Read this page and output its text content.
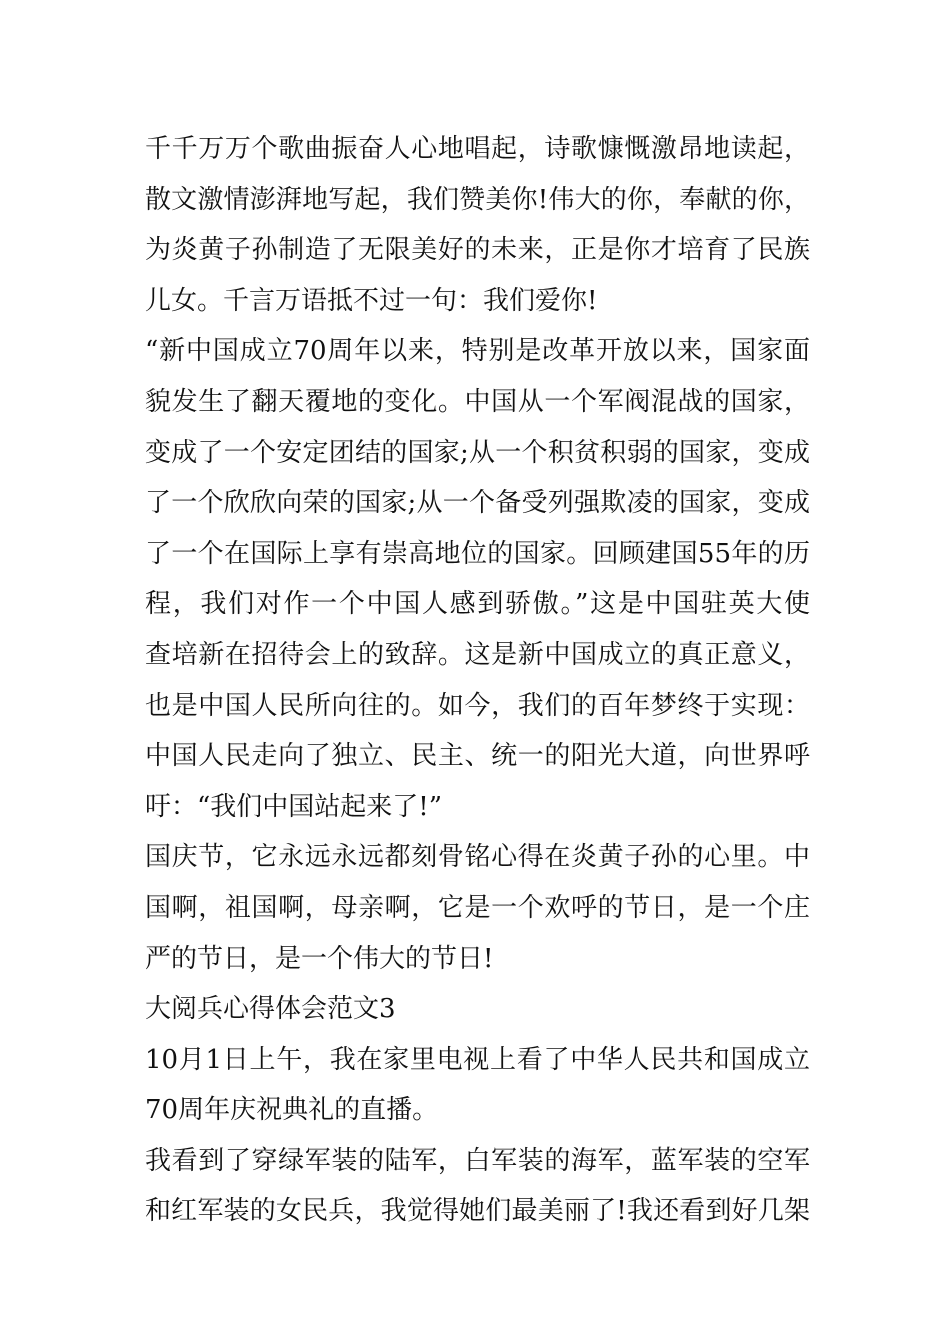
千千万万个歌曲振奋人心地唱起，诗歌慷慨激昂地读起，
散文激情澎湃地写起，我们赞美你!伟大的你，奉献的你，
为炎黄子孙制造了无限美好的未来，正是你才培育了民族
儿女。千言万语抵不过一句：我们爱你!
“新中国成立70周年以来，特别是改革开放以来，国家面
貌发生了翻天覆地的变化。中国从一个军阀混战的国家，
变成了一个安定团结的国家;从一个积贫积弱的国家，变成
了一个欣欣向荣的国家;从一个备受列强欺凌的国家，变成
了一个在国际上享有崇高地位的国家。回顾建国55年的历
程，我们对作一个中国人感到骄傲。”这是中国驻英大使
查培新在招待会上的致辞。这是新中国成立的真正意义，
也是中国人民所向往的。如今，我们的百年梦终于实现：
中国人民走向了独立、民主、统一的阳光大道，向世界呼
吁：“我们中国站起来了!”
国庆节，它永远永远都刻骨铭心得在炎黄子孙的心里。中
国啊，祖国啊，母亲啊，它是一个欢呼的节日，是一个庄
严的节日，是一个伟大的节日!
大阅兵心得体会范文3
10月1日上午，我在家里电视上看了中华人民共和国成立
70周年庆祝典礼的直播。
我看到了穿绿军装的陆军，白军装的海军，蓝军装的空军
和红军装的女民兵，我觉得她们最美丽了!我还看到好几架
